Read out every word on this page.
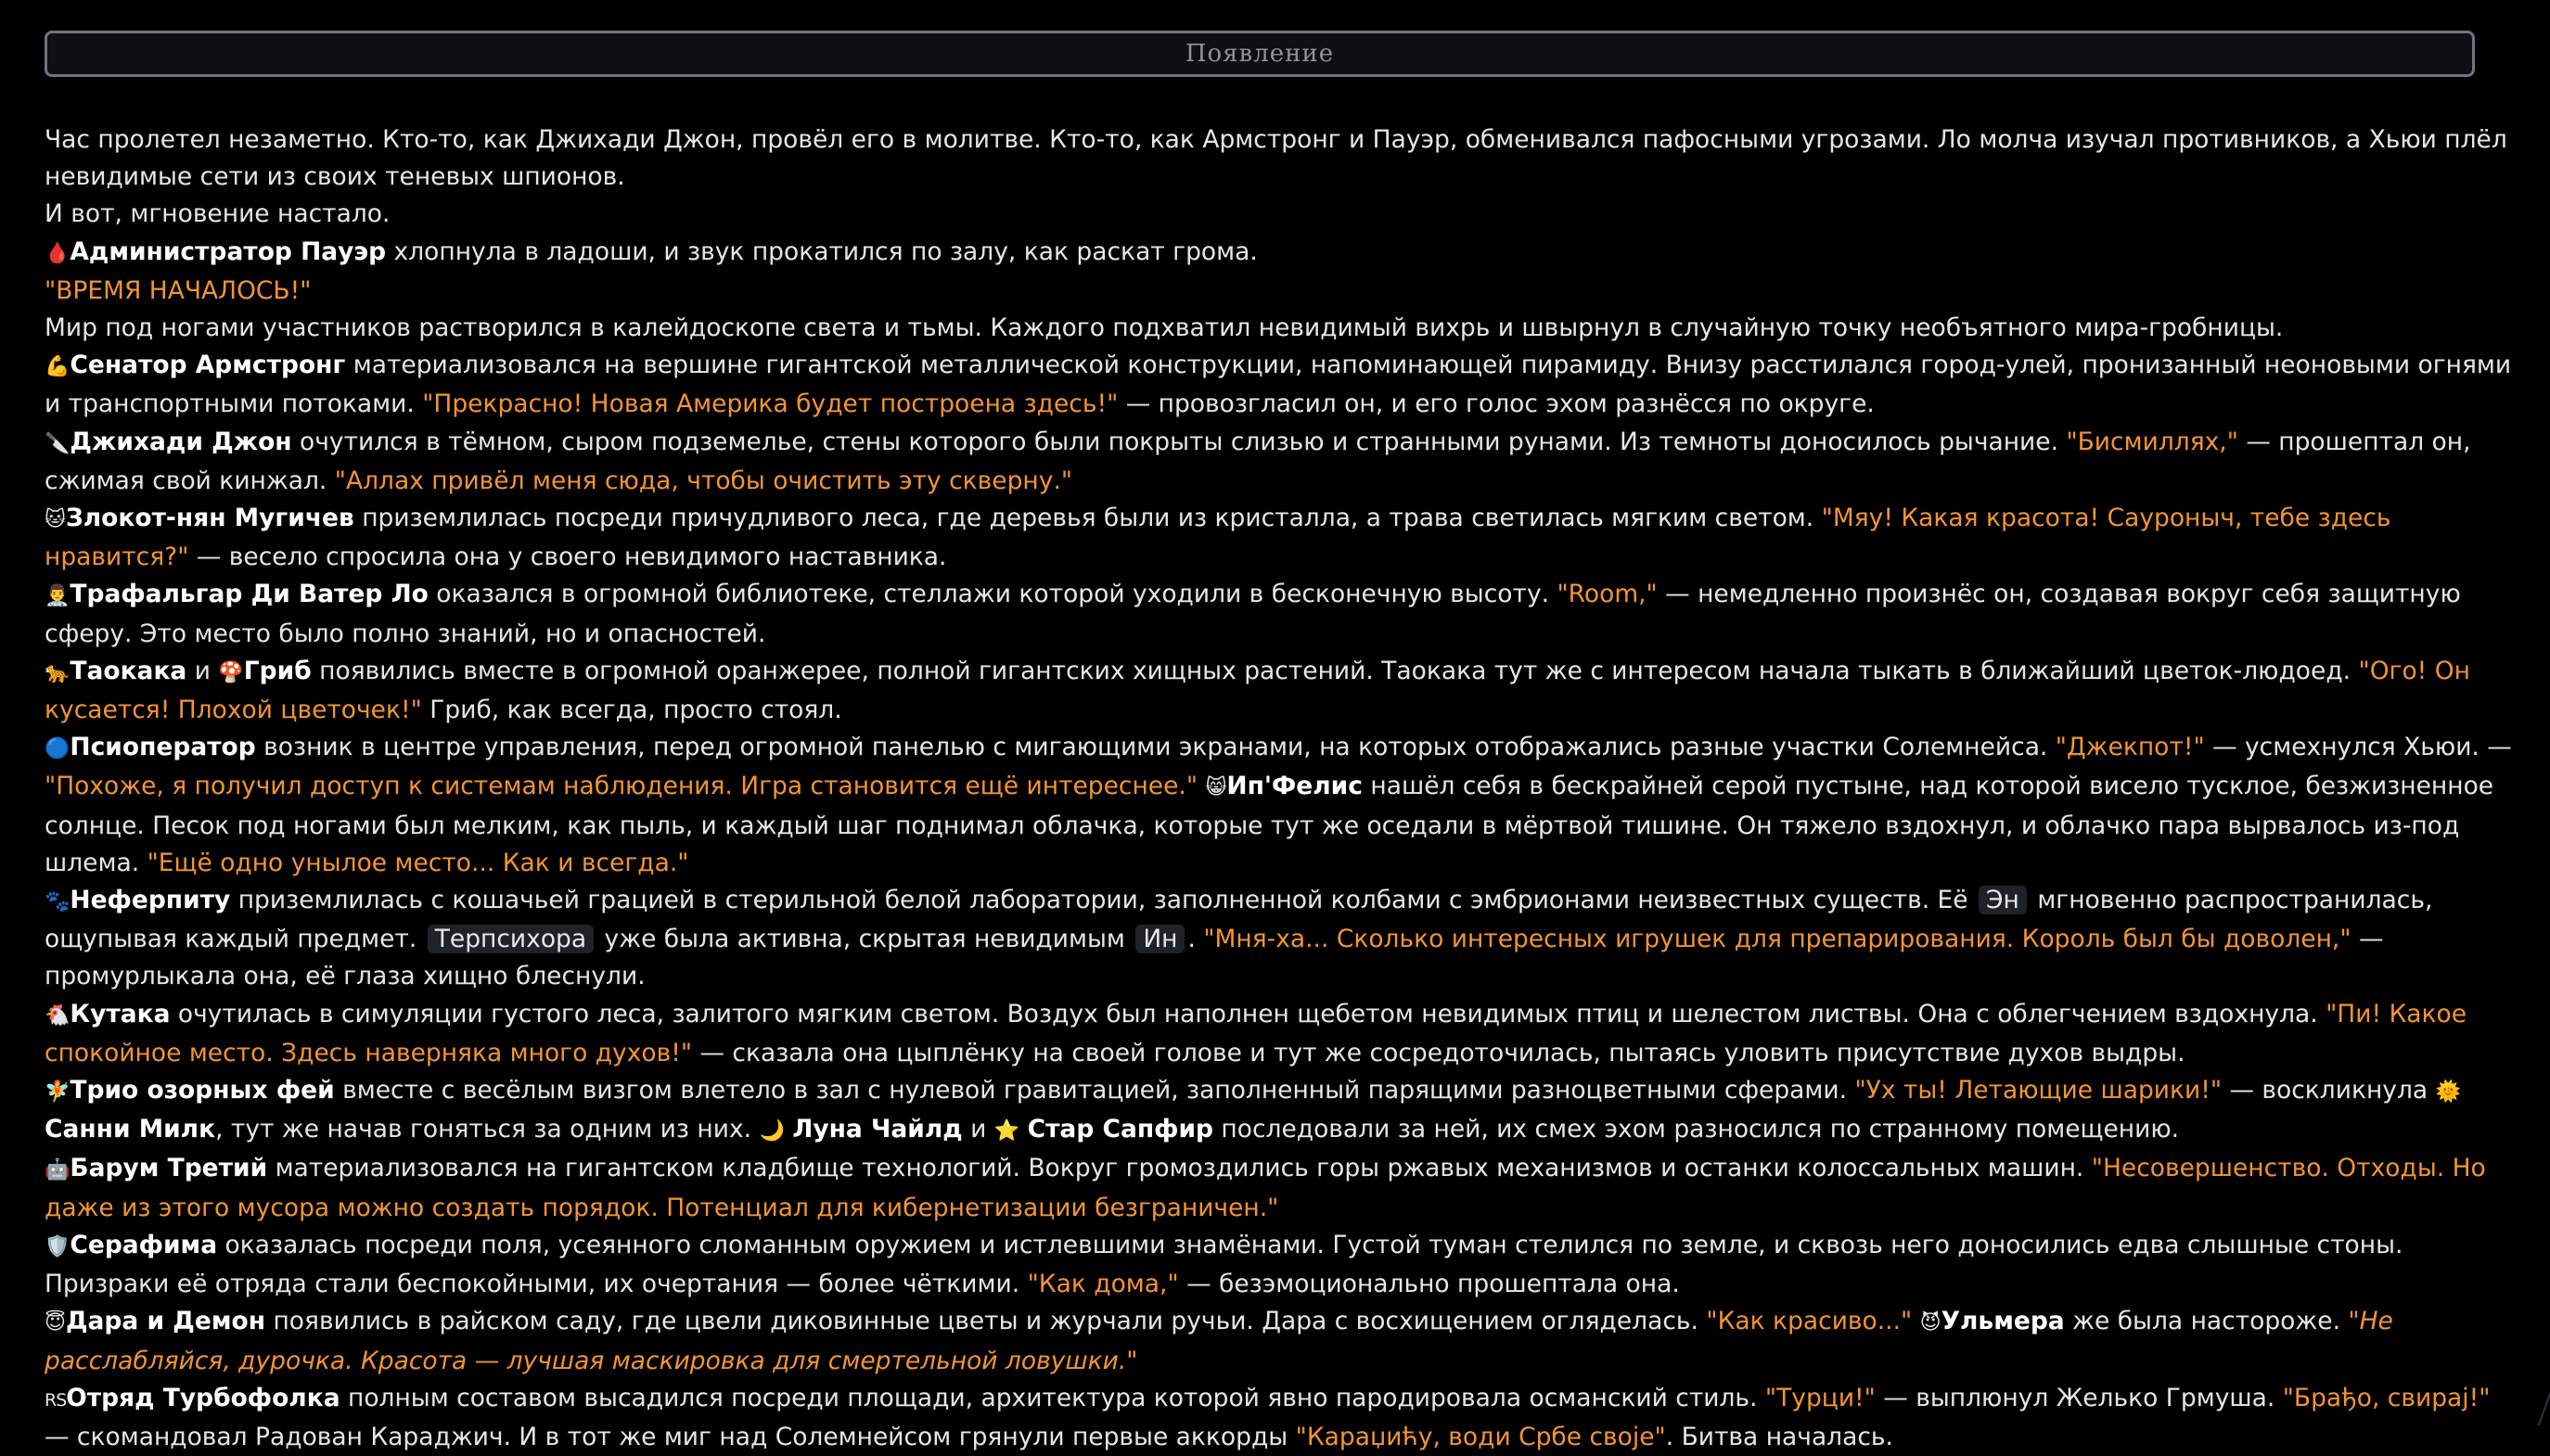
Появление

Час пролетел незаметно. Кто-то, как Джихади Джон, провёл его в молитве. Кто-то, как Армстронг и Пауэр, обменивался пафосными угрозами. Ло молча изучал противников, а Хьюи плёл невидимые сети из своих теневых шпионов.

И вот, мгновение настало.

🩸Администратор Пауэр хлопнула в ладоши, и звук прокатился по залу, как раскат грома.

"ВРЕМЯ НАЧАЛОСЬ!"

Мир под ногами участников растворился в калейдоскопе света и тьмы. Каждого подхватил невидимый вихрь и швырнул в случайную точку необъятного мира-гробницы.

💪Сенатор Армстронг материализовался на вершине гигантской металлической конструкции, напоминающей пирамиду. Внизу расстилался город-улей, пронизанный неоновыми огнями и транспортными потоками. "Прекрасно! Новая Америка будет построена здесь!" — провозгласил он, и его голос эхом разнёсся по округе.

🔪Джихади Джон очутился в тёмном, сыром подземелье, стены которого были покрыты слизью и странными рунами. Из темноты доносилось рычание. "Бисмиллях," — прошептал он, сжимая свой кинжал. "Аллах привёл меня сюда, чтобы очистить эту скверну."

🐱Злокот-нян Мугичев приземлилась посреди причудливого леса, где деревья были из кристалла, а трава светилась мягким светом. "Мяу! Какая красота! Сауроныч, тебе здесь нравится?" — весело спросила она у своего невидимого наставника.

👨‍⚕️Трафальгар Ди Ватер Ло оказался в огромной библиотеке, стеллажи которой уходили в бесконечную высоту. "Room," — немедленно произнёс он, создавая вокруг себя защитную сферу. Это место было полно знаний, но и опасностей.

🐆Таокака и 🍄Гриб появились вместе в огромной оранжерее, полной гигантских хищных растений. Таокака тут же с интересом начала тыкать в ближайший цветок-людоед. "Ого! Он кусается! Плохой цветочек!" Гриб, как всегда, просто стоял.

🔵Псиоператор возник в центре управления, перед огромной панелью с мигающими экранами, на которых отображались разные участки Солемнейса. "Джекпот!" — усмехнулся Хьюи. — "Похоже, я получил доступ к системам наблюдения. Игра становится ещё интереснее." 😸Ип'Фелис нашёл себя в бескрайней серой пустыне, над которой висело тусклое, безжизненное солнце. Песок под ногами был мелким, как пыль, и каждый шаг поднимал облачка, которые тут же оседали в мёртвой тишине. Он тяжело вздохнул, и облачко пара вырвалось из-под шлема. "Ещё одно унылое место... Как и всегда."

🐾Неферпиту приземлилась с кошачьей грацией в стерильной белой лаборатории, заполненной колбами с эмбрионами неизвестных существ. Её Эн мгновенно распространилась, ощупывая каждый предмет. Терпсихора уже была активна, скрытая невидимым Ин . "Мня-ха... Сколько интересных игрушек для препарирования. Король был бы доволен," — промурлыкала она, её глаза хищно блеснули.

🐔Кутака очутилась в симуляции густого леса, залитого мягким светом. Воздух был наполнен щебетом невидимых птиц и шелестом листвы. Она с облегчением вздохнула. "Пи! Какое спокойное место. Здесь наверняка много духов!" — сказала она цыплёнку на своей голове и тут же сосредоточилась, пытаясь уловить присутствие духов выдры.

🧚Трио озорных фей вместе с весёлым визгом влетело в зал с нулевой гравитацией, заполненный парящими разноцветными сферами. "Ух ты! Летающие шарики!" — воскликнула 🌞 Санни Милк, тут же начав гоняться за одним из них. 🌙 Луна Чайлд и ⭐ Стар Сапфир последовали за ней, их смех эхом разносился по странному помещению.

🤖Барум Третий материализовался на гигантском кладбище технологий. Вокруг громоздились горы ржавых механизмов и останки колоссальных машин. "Несовершенство. Отходы. Но даже из этого мусора можно создать порядок. Потенциал для кибернетизации безграничен."

🛡️Серафима оказалась посреди поля, усеянного сломанным оружием и истлевшими знамёнами. Густой туман стелился по земле, и сквозь него доносились едва слышные стоны. Призраки её отряда стали беспокойными, их очертания — более чёткими. "Как дома," — безэмоционально прошептала она.

😇Дара и Демон появились в райском саду, где цвели диковинные цветы и журчали ручьи. Дара с восхищением огляделась. "Как красиво..." 😈Ульмера же была настороже. "Не расслабляйся, дурочка. Красота — лучшая маскировка для смертельной ловушки."

RSОтряд Турбофолка полным составом высадился посреди площади, архитектура которой явно пародировала османский стиль. "Турци!" — выплюнул Желько Грмуша. "Брађо, свирај!" — скомандовал Радован Караджич. И в тот же миг над Солемнейсом грянули первые аккорды "Караџићу, води Србе своје". Битва началась.
